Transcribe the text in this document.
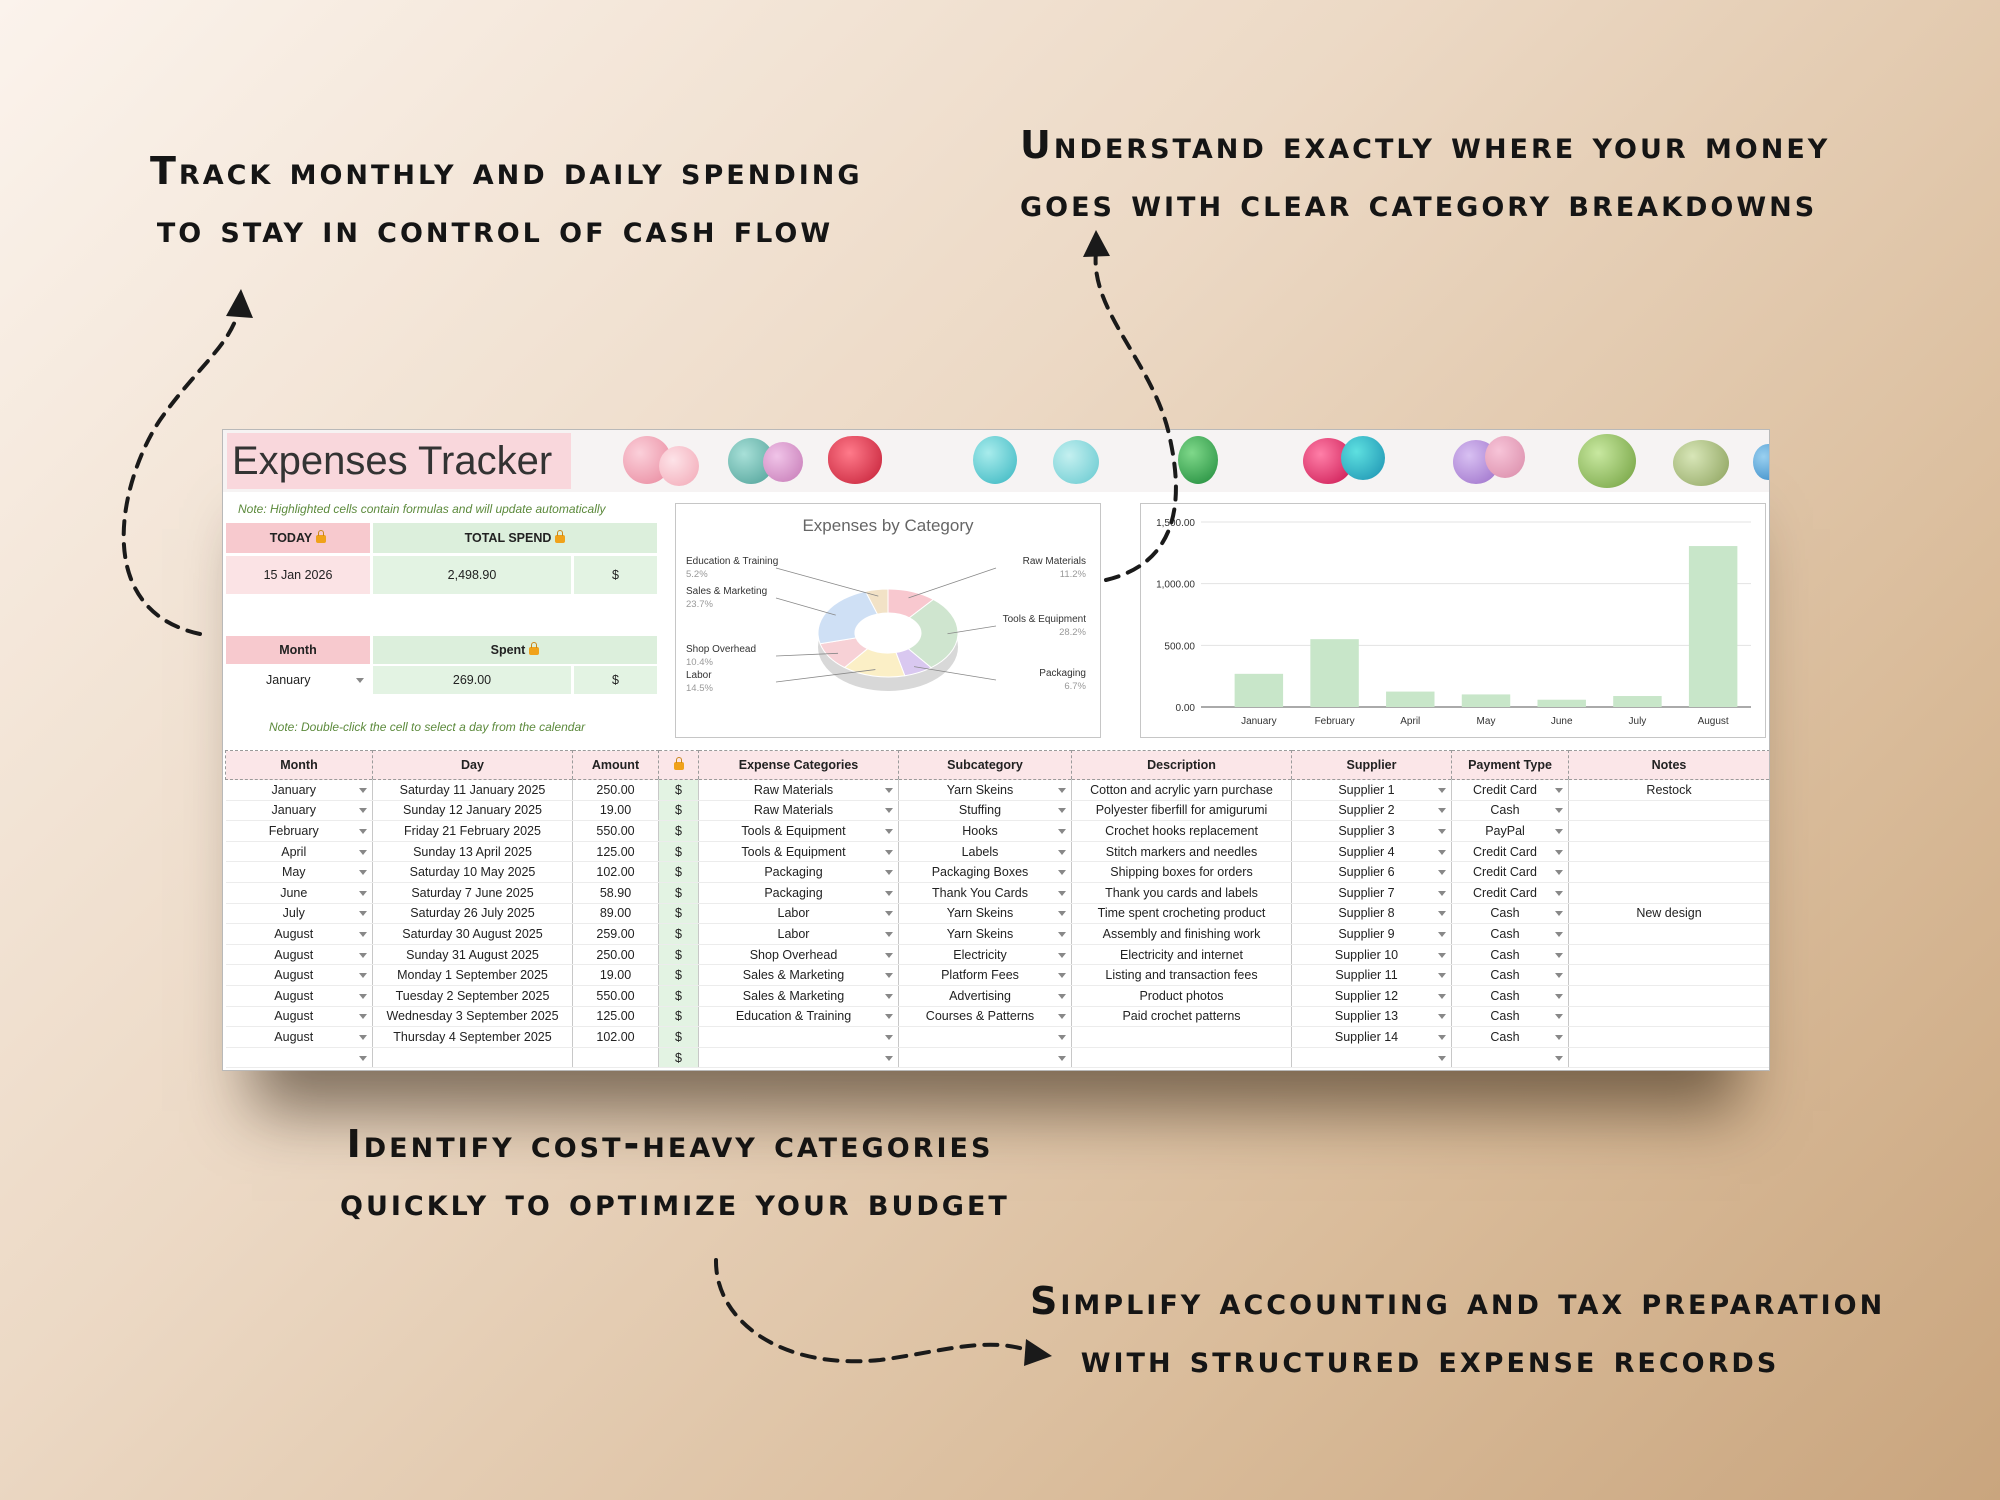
Track monthly and daily spending
to stay in control of cash flow
Understand exactly where your money
goes with clear category breakdowns
Identify cost-heavy categories
quickly to optimize your budget
Simplify accounting and tax preparation
with structured expense records
Expenses Tracker
Note: Highlighted cells contain formulas and will update automatically
TODAY	TOTAL SPEND
15 Jan 2026	2,498.90	$
Month	Spent
January	269.00	$
Note: Double-click the cell to select a day from the calendar
Expenses by Category
Raw Materials
11.2%
Tools & Equipment
28.2%
Packaging
6.7%
Labor
14.5%
Shop Overhead
10.4%
Sales & Marketing
23.7%
Education & Training
5.2%
0.00
500.00
1,000.00
1,500.00
January	February	April	May	June	July	August
Month	Day	Amount		Expense Categories	Subcategory	Description	Supplier	Payment Type	Notes
January	Saturday 11 January 2025	250.00	$	Raw Materials	Yarn Skeins	Cotton and acrylic yarn purchase	Supplier 1	Credit Card	Restock
January	Sunday 12 January 2025	19.00	$	Raw Materials	Stuffing	Polyester fiberfill for amigurumi	Supplier 2	Cash

February	Friday 21 February 2025	550.00	$	Tools & Equipment	Hooks	Crochet hooks replacement	Supplier 3	PayPal

April	Sunday 13 April 2025	125.00	$	Tools & Equipment	Labels	Stitch markers and needles	Supplier 4	Credit Card

May	Saturday 10 May 2025	102.00	$	Packaging	Packaging Boxes	Shipping boxes for orders	Supplier 6	Credit Card

June	Saturday 7 June 2025	58.90	$	Packaging	Thank You Cards	Thank you cards and labels	Supplier 7	Credit Card

July	Saturday 26 July 2025	89.00	$	Labor	Yarn Skeins	Time spent crocheting product	Supplier 8	Cash	New design
August	Saturday 30 August 2025	259.00	$	Labor	Yarn Skeins	Assembly and finishing work	Supplier 9	Cash

August	Sunday 31 August 2025	250.00	$	Shop Overhead	Electricity	Electricity and internet	Supplier 10	Cash

August	Monday 1 September 2025	19.00	$	Sales & Marketing	Platform Fees	Listing and transaction fees	Supplier 11	Cash

August	Tuesday 2 September 2025	550.00	$	Sales & Marketing	Advertising	Product photos	Supplier 12	Cash

August	Wednesday 3 September 2025	125.00	$	Education & Training	Courses & Patterns	Paid crochet patterns	Supplier 13	Cash

August	Thursday 4 September 2025	102.00	$				Supplier 14	Cash

			$	
